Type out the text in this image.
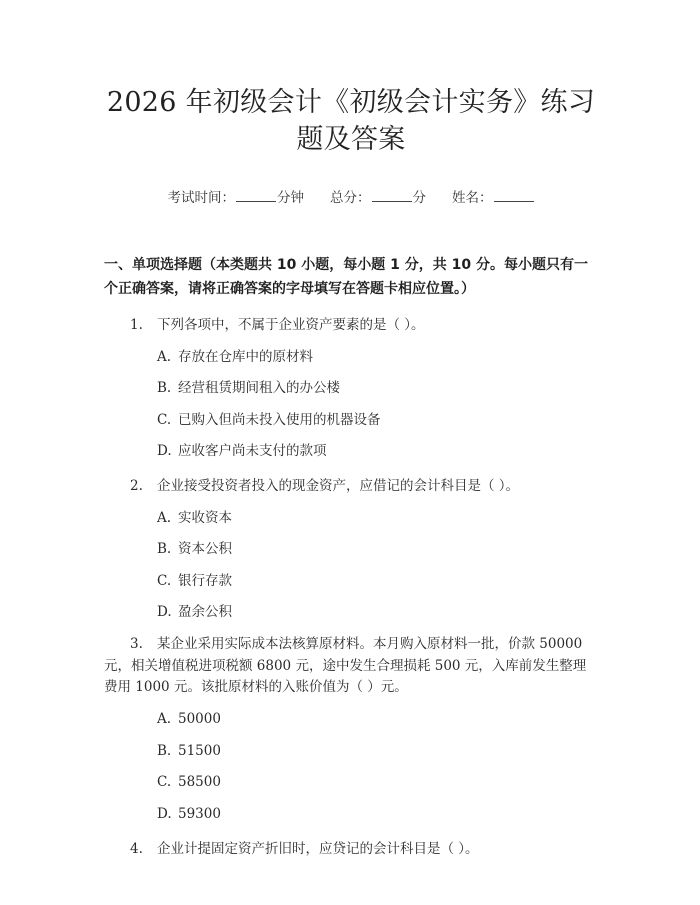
2026 年初级会计《初级会计实务》练习题及答案
考试时间：	分钟 总分：	分 姓名：
一、单项选择题（本类题共 10 小题，每小题 1 分，共 10 分。每小题只有一个正确答案，请将正确答案的字母填写在答题卡相应位置。）
1. 下列各项中，不属于企业资产要素的是（ ）。
A. 存放在仓库中的原材料
B. 经营租赁期间租入的办公楼
C. 已购入但尚未投入使用的机器设备
D. 应收客户尚未支付的款项
2. 企业接受投资者投入的现金资产，应借记的会计科目是（ ）。
A. 实收资本
B. 资本公积
C. 银行存款
D. 盈余公积
3. 某企业采用实际成本法核算原材料。本月购入原材料一批，价款 50000 元，相关增值税进项税额 6800 元，途中发生合理损耗 500 元，入库前发生整理费用 1000 元。该批原材料的入账价值为（ ）元。
A. 50000
B. 51500
C. 58500
D. 59300
4. 企业计提固定资产折旧时，应贷记的会计科目是（ ）。
